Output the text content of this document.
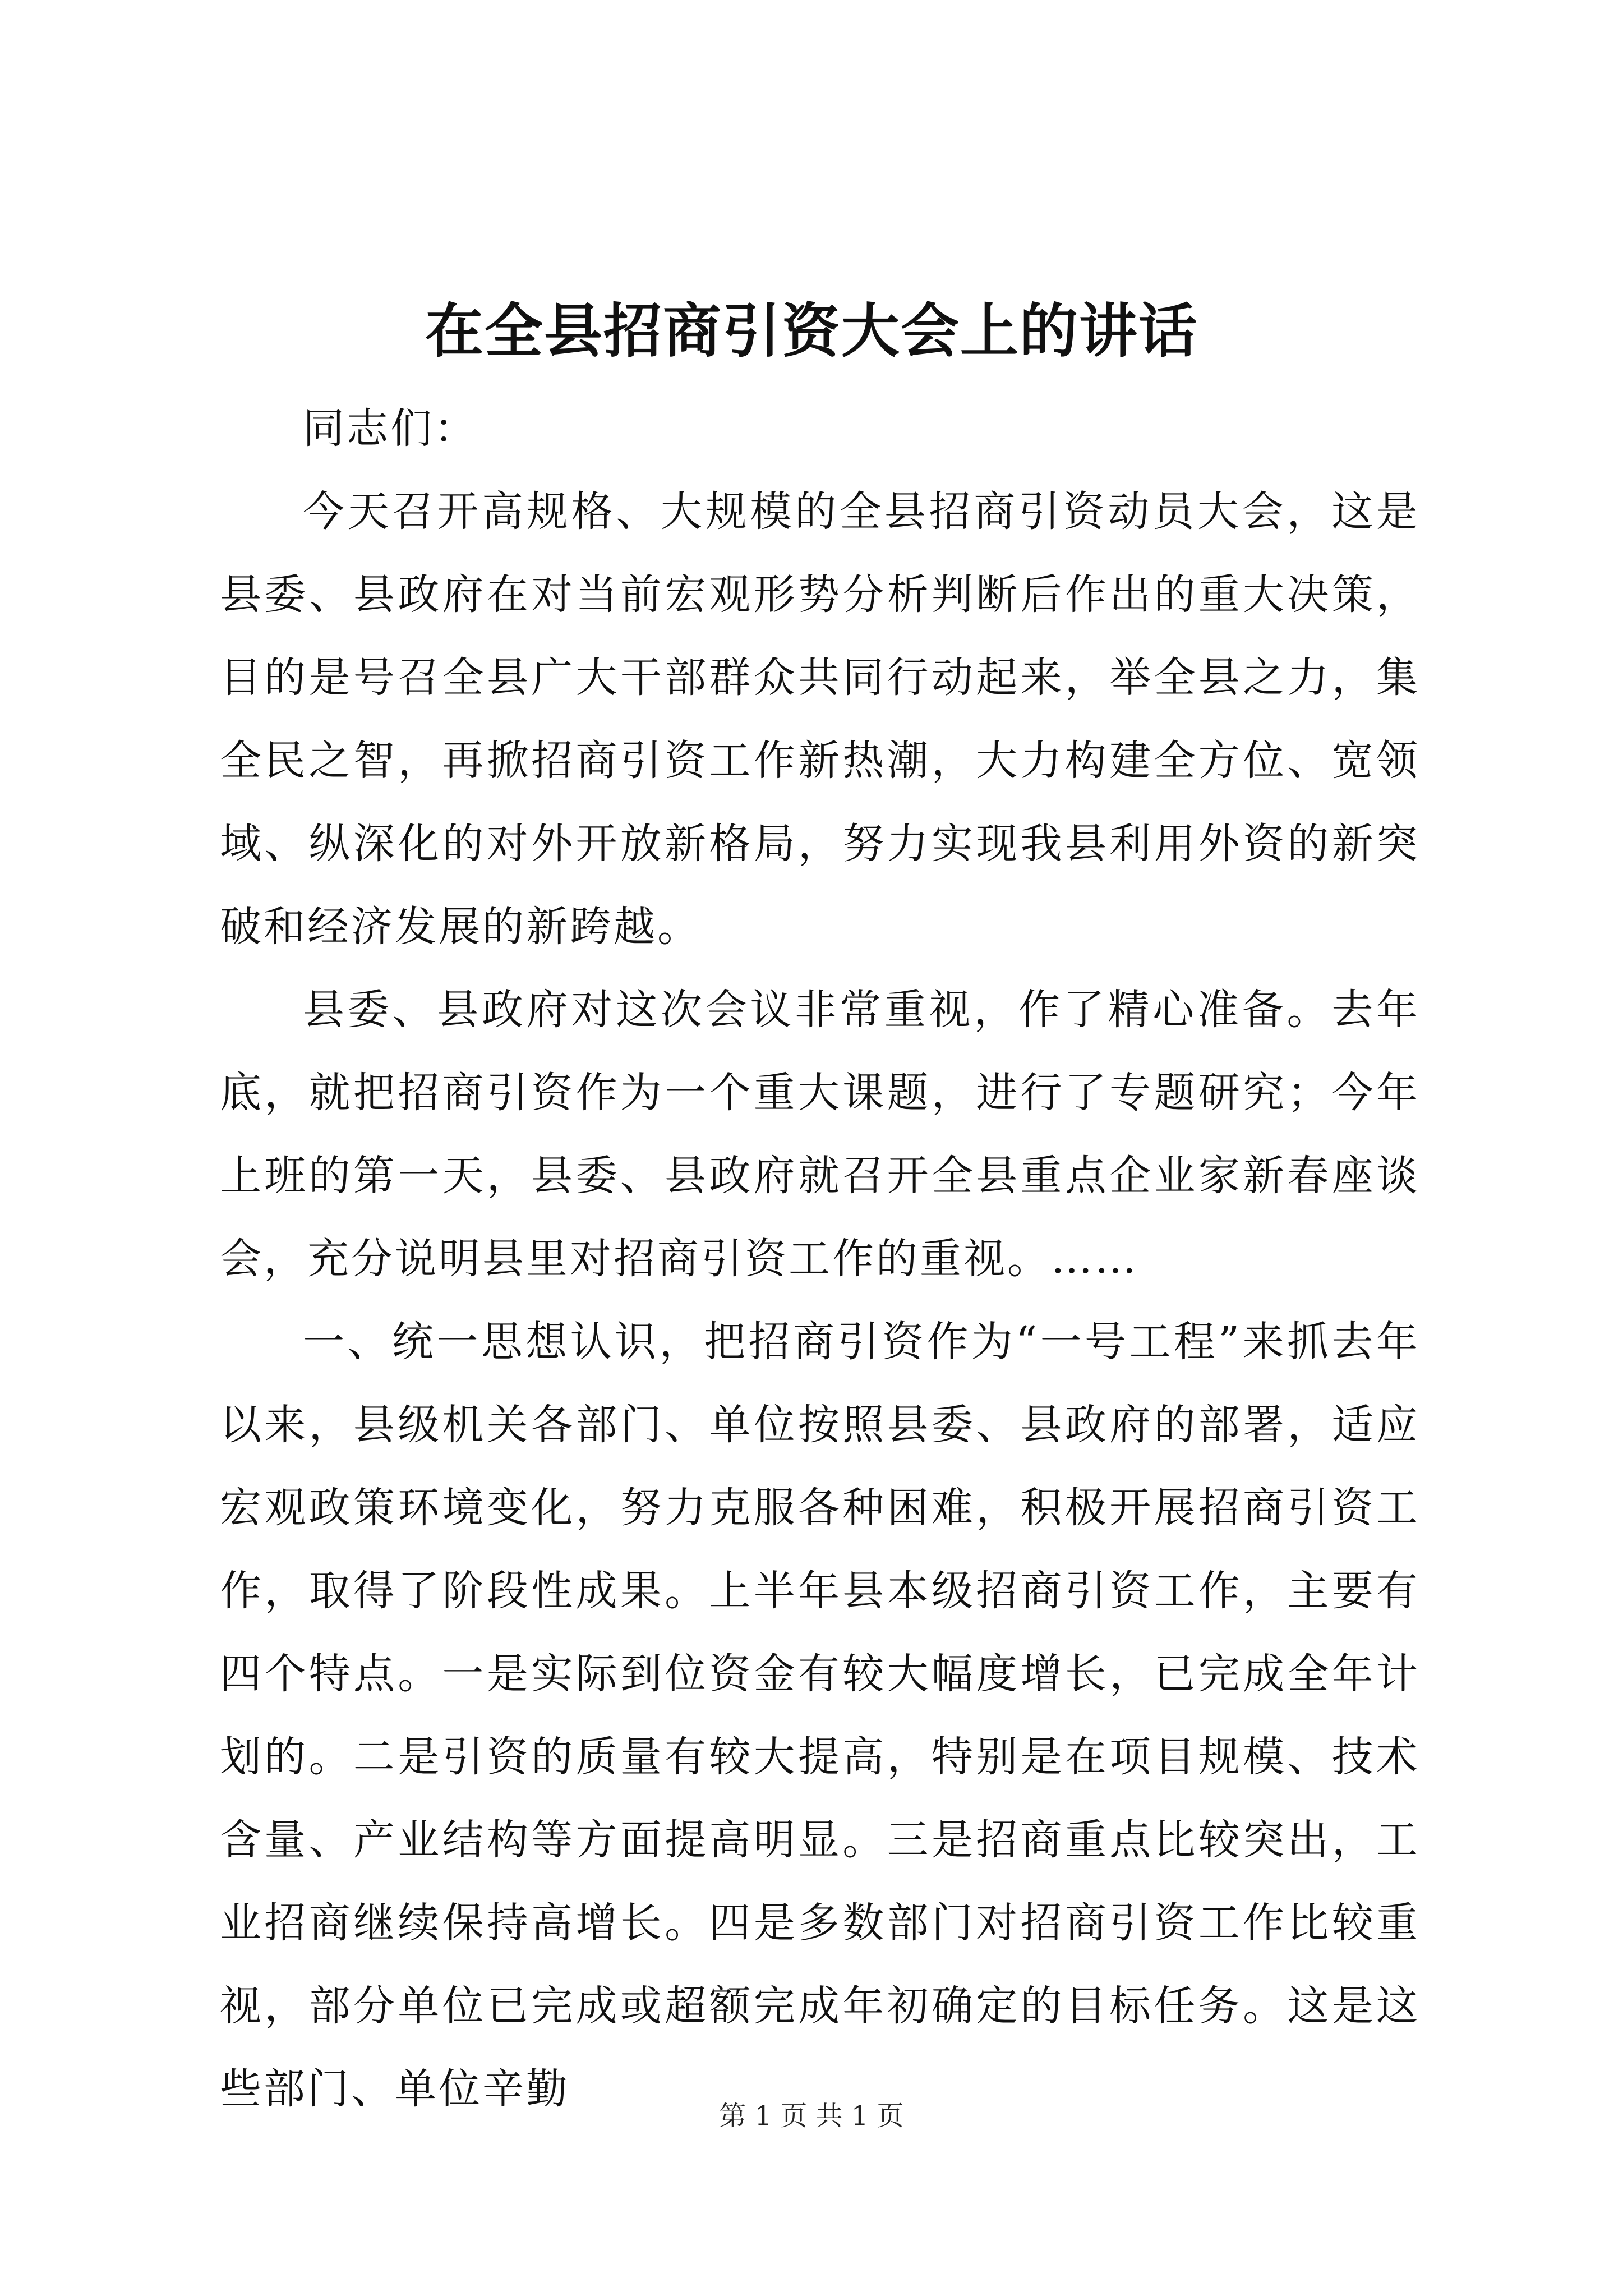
在全县招商引资大会上的讲话

同志们：

今天召开高规格、大规模的全县招商引资动员大会，这是县委、县政府在对当前宏观形势分析判断后作出的重大决策，目的是号召全县广大干部群众共同行动起来，举全县之力，集全民之智，再掀招商引资工作新热潮，大力构建全方位、宽领域、纵深化的对外开放新格局，努力实现我县利用外资的新突破和经济发展的新跨越。

县委、县政府对这次会议非常重视，作了精心准备。去年底，就把招商引资作为一个重大课题，进行了专题研究；今年上班的第一天，县委、县政府就召开全县重点企业家新春座谈会，充分说明县里对招商引资工作的重视。……

一、统一思想认识，把招商引资作为“一号工程”来抓去年以来，县级机关各部门、单位按照县委、县政府的部署，适应宏观政策环境变化，努力克服各种困难，积极开展招商引资工作，取得了阶段性成果。上半年县本级招商引资工作，主要有四个特点。一是实际到位资金有较大幅度增长，已完成全年计划的。二是引资的质量有较大提高，特别是在项目规模、技术含量、产业结构等方面提高明显。三是招商重点比较突出，工业招商继续保持高增长。四是多数部门对招商引资工作比较重视，部分单位已完成或超额完成年初确定的目标任务。这是这些部门、单位辛勤

第 1 页 共 1 页
